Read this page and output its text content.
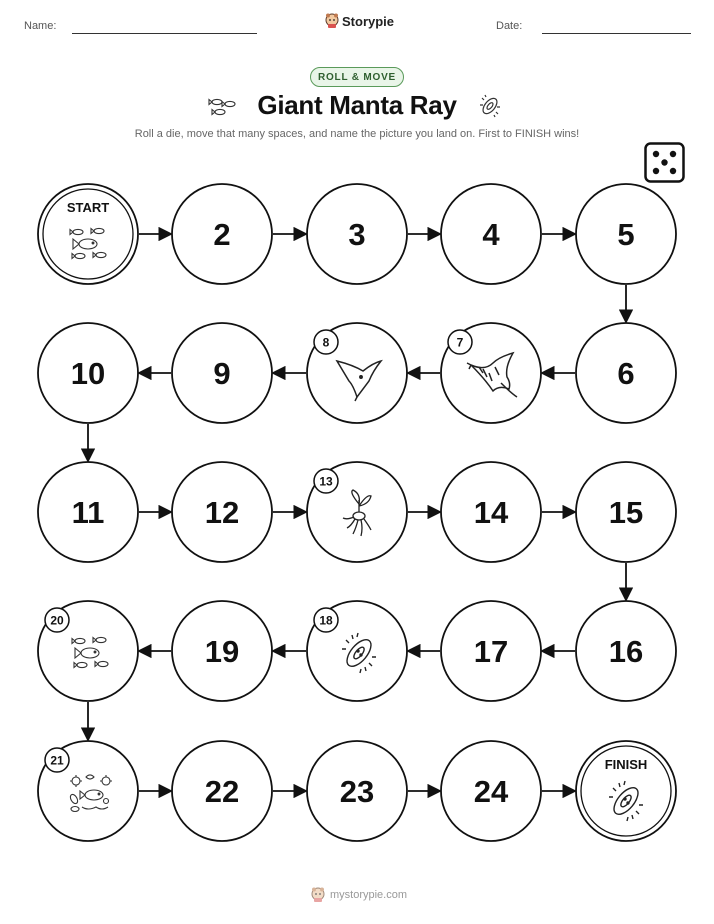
Name:	Storypie	Date:
ROLL & MOVE
Giant Manta Ray
Roll a die, move that many spaces, and name the picture you land on. First to FINISH wins!
START
2	3	4	5
6
7
8
9
10
11	12
13
14	15
16
17
18
19
20
21
22	23	24
FINISH
mystorypie.com
